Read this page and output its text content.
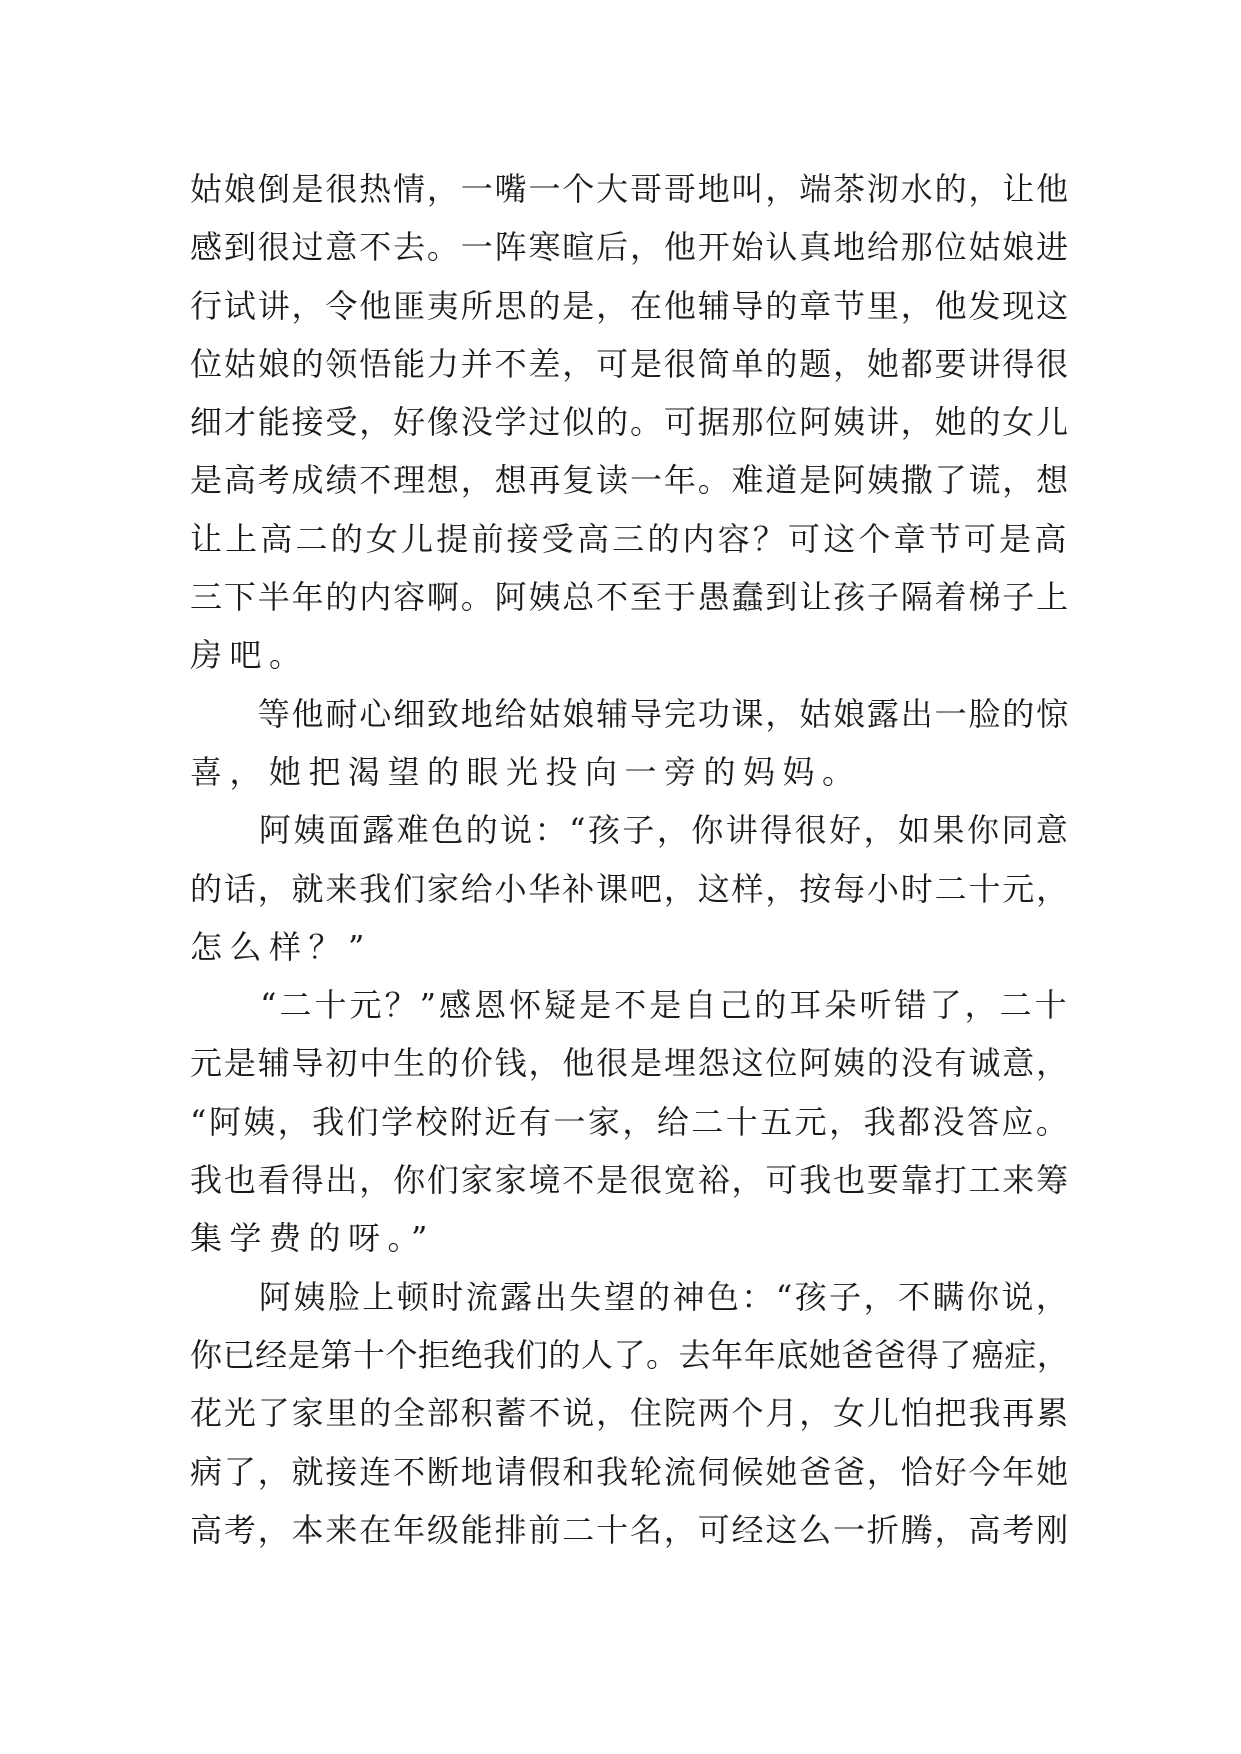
姑娘倒是很热情，一嘴一个大哥哥地叫，端茶沏水的，让他
感到很过意不去。一阵寒暄后，他开始认真地给那位姑娘进
行试讲，令他匪夷所思的是，在他辅导的章节里，他发现这
位姑娘的领悟能力并不差，可是很简单的题，她都要讲得很
细才能接受，好像没学过似的。可据那位阿姨讲，她的女儿
是高考成绩不理想，想再复读一年。难道是阿姨撒了谎，想
让上高二的女儿提前接受高三的内容？可这个章节可是高
三下半年的内容啊。阿姨总不至于愚蠢到让孩子隔着梯子上
房吧。
　　等他耐心细致地给姑娘辅导完功课，姑娘露出一脸的惊
喜，她把渴望的眼光投向一旁的妈妈。
　　阿姨面露难色的说：“孩子，你讲得很好，如果你同意
的话，就来我们家给小华补课吧，这样，按每小时二十元，
怎么样？”
　　“二十元？”感恩怀疑是不是自己的耳朵听错了，二十
元是辅导初中生的价钱，他很是埋怨这位阿姨的没有诚意，
“阿姨，我们学校附近有一家，给二十五元，我都没答应。
我也看得出，你们家家境不是很宽裕，可我也要靠打工来筹
集学费的呀。”
　　阿姨脸上顿时流露出失望的神色：“孩子，不瞒你说，
你已经是第十个拒绝我们的人了。去年年底她爸爸得了癌症，
花光了家里的全部积蓄不说，住院两个月，女儿怕把我再累
病了，就接连不断地请假和我轮流伺候她爸爸，恰好今年她
高考，本来在年级能排前二十名，可经这么一折腾，高考刚
